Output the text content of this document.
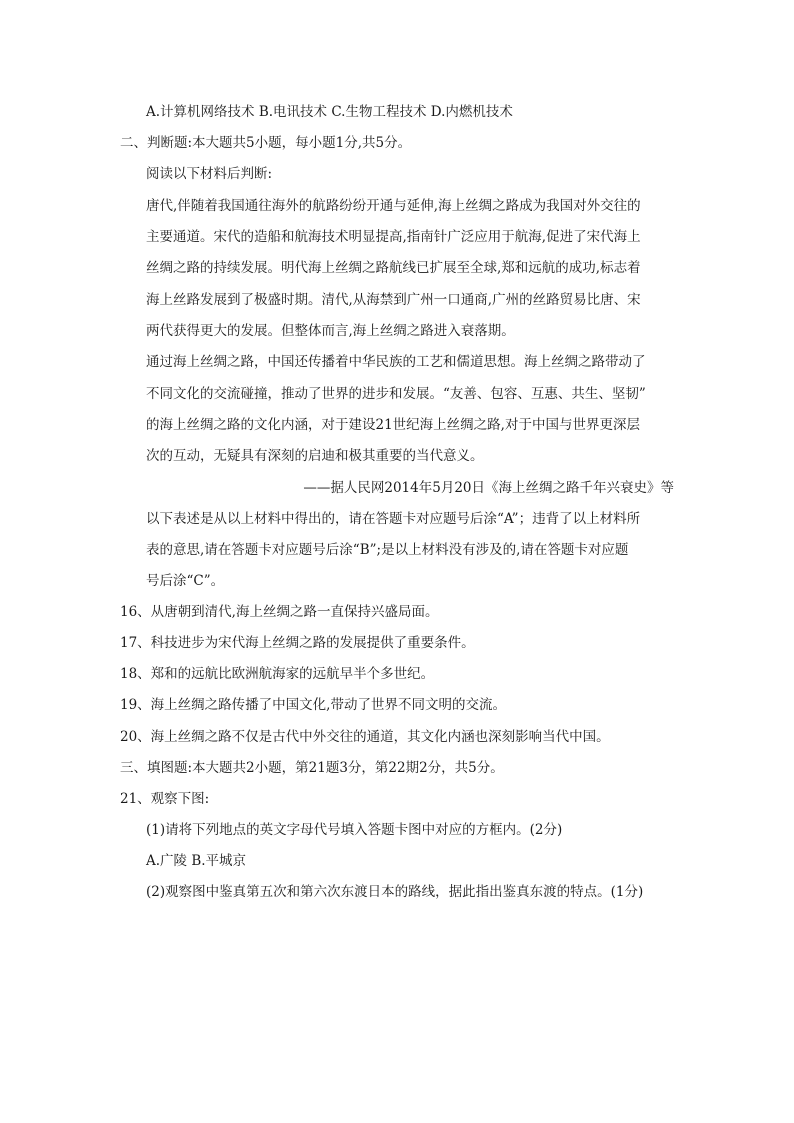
A.计算机网络技术 B.电讯技术 C.生物工程技术 D.内燃机技术
二、判断题:本大题共5小题，每小题1分,共5分。
阅读以下材料后判断:
唐代,伴随着我国通往海外的航路纷纷开通与延伸,海上丝绸之路成为我国对外交往的
主要通道。宋代的造船和航海技术明显提高,指南针广泛应用于航海,促进了宋代海上
丝绸之路的持续发展。明代海上丝绸之路航线已扩展至全球,郑和远航的成功,标志着
海上丝路发展到了极盛时期。清代,从海禁到广州一口通商,广州的丝路贸易比唐、宋
两代获得更大的发展。但整体而言,海上丝绸之路进入衰落期。
通过海上丝绸之路，中国还传播着中华民族的工艺和儒道思想。海上丝绸之路带动了
不同文化的交流碰撞，推动了世界的进步和发展。“友善、包容、互惠、共生、坚韧”
的海上丝绸之路的文化内涵，对于建设21世纪海上丝绸之路,对于中国与世界更深层
次的互动，无疑具有深刻的启迪和极其重要的当代意义。
——据人民网2014年5月20日《海上丝绸之路千年兴衰史》等
以下表述是从以上材料中得出的，请在答题卡对应题号后涂“A”；违背了以上材料所
表的意思,请在答题卡对应题号后涂“B”;是以上材料没有涉及的,请在答题卡对应题
号后涂“C”。
16、从唐朝到清代,海上丝绸之路一直保持兴盛局面。
17、科技进步为宋代海上丝绸之路的发展提供了重要条件。
18、郑和的远航比欧洲航海家的远航早半个多世纪。
19、海上丝绸之路传播了中国文化,带动了世界不同文明的交流。
20、海上丝绸之路不仅是古代中外交往的通道，其文化内涵也深刻影响当代中国。
三、填图题:本大题共2小题，第21题3分，第22期2分，共5分。
21、观察下图:
(1)请将下列地点的英文字母代号填入答题卡图中对应的方框内。(2分)
A.广陵 B.平城京
(2)观察图中鉴真第五次和第六次东渡日本的路线，据此指出鉴真东渡的特点。(1分)
